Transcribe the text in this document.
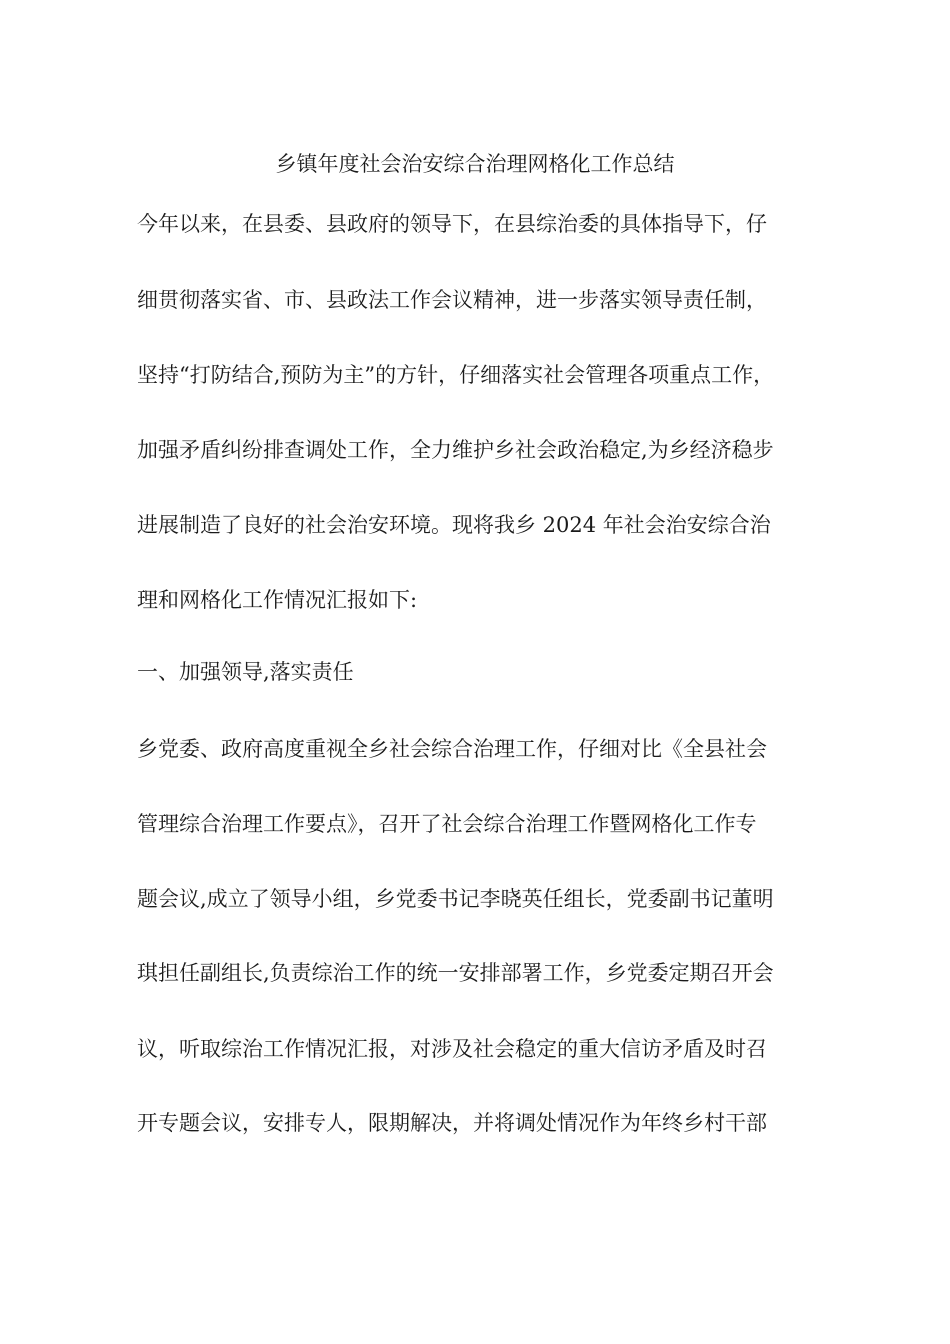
乡镇年度社会治安综合治理网格化工作总结
今年以来，在县委、县政府的领导下，在县综治委的具体指导下，仔
细贯彻落实省、市、县政法工作会议精神，进一步落实领导责任制，
坚持“打防结合,预防为主”的方针，仔细落实社会管理各项重点工作，
加强矛盾纠纷排查调处工作，全力维护乡社会政治稳定,为乡经济稳步
进展制造了良好的社会治安环境。现将我乡 2024 年社会治安综合治
理和网格化工作情况汇报如下:
一、加强领导,落实责任
乡党委、政府高度重视全乡社会综合治理工作，仔细对比《全县社会
管理综合治理工作要点》，召开了社会综合治理工作暨网格化工作专
题会议,成立了领导小组，乡党委书记李晓英任组长，党委副书记董明
琪担任副组长,负责综治工作的统一安排部署工作，乡党委定期召开会
议，听取综治工作情况汇报，对涉及社会稳定的重大信访矛盾及时召
开专题会议，安排专人，限期解决，并将调处情况作为年终乡村干部
